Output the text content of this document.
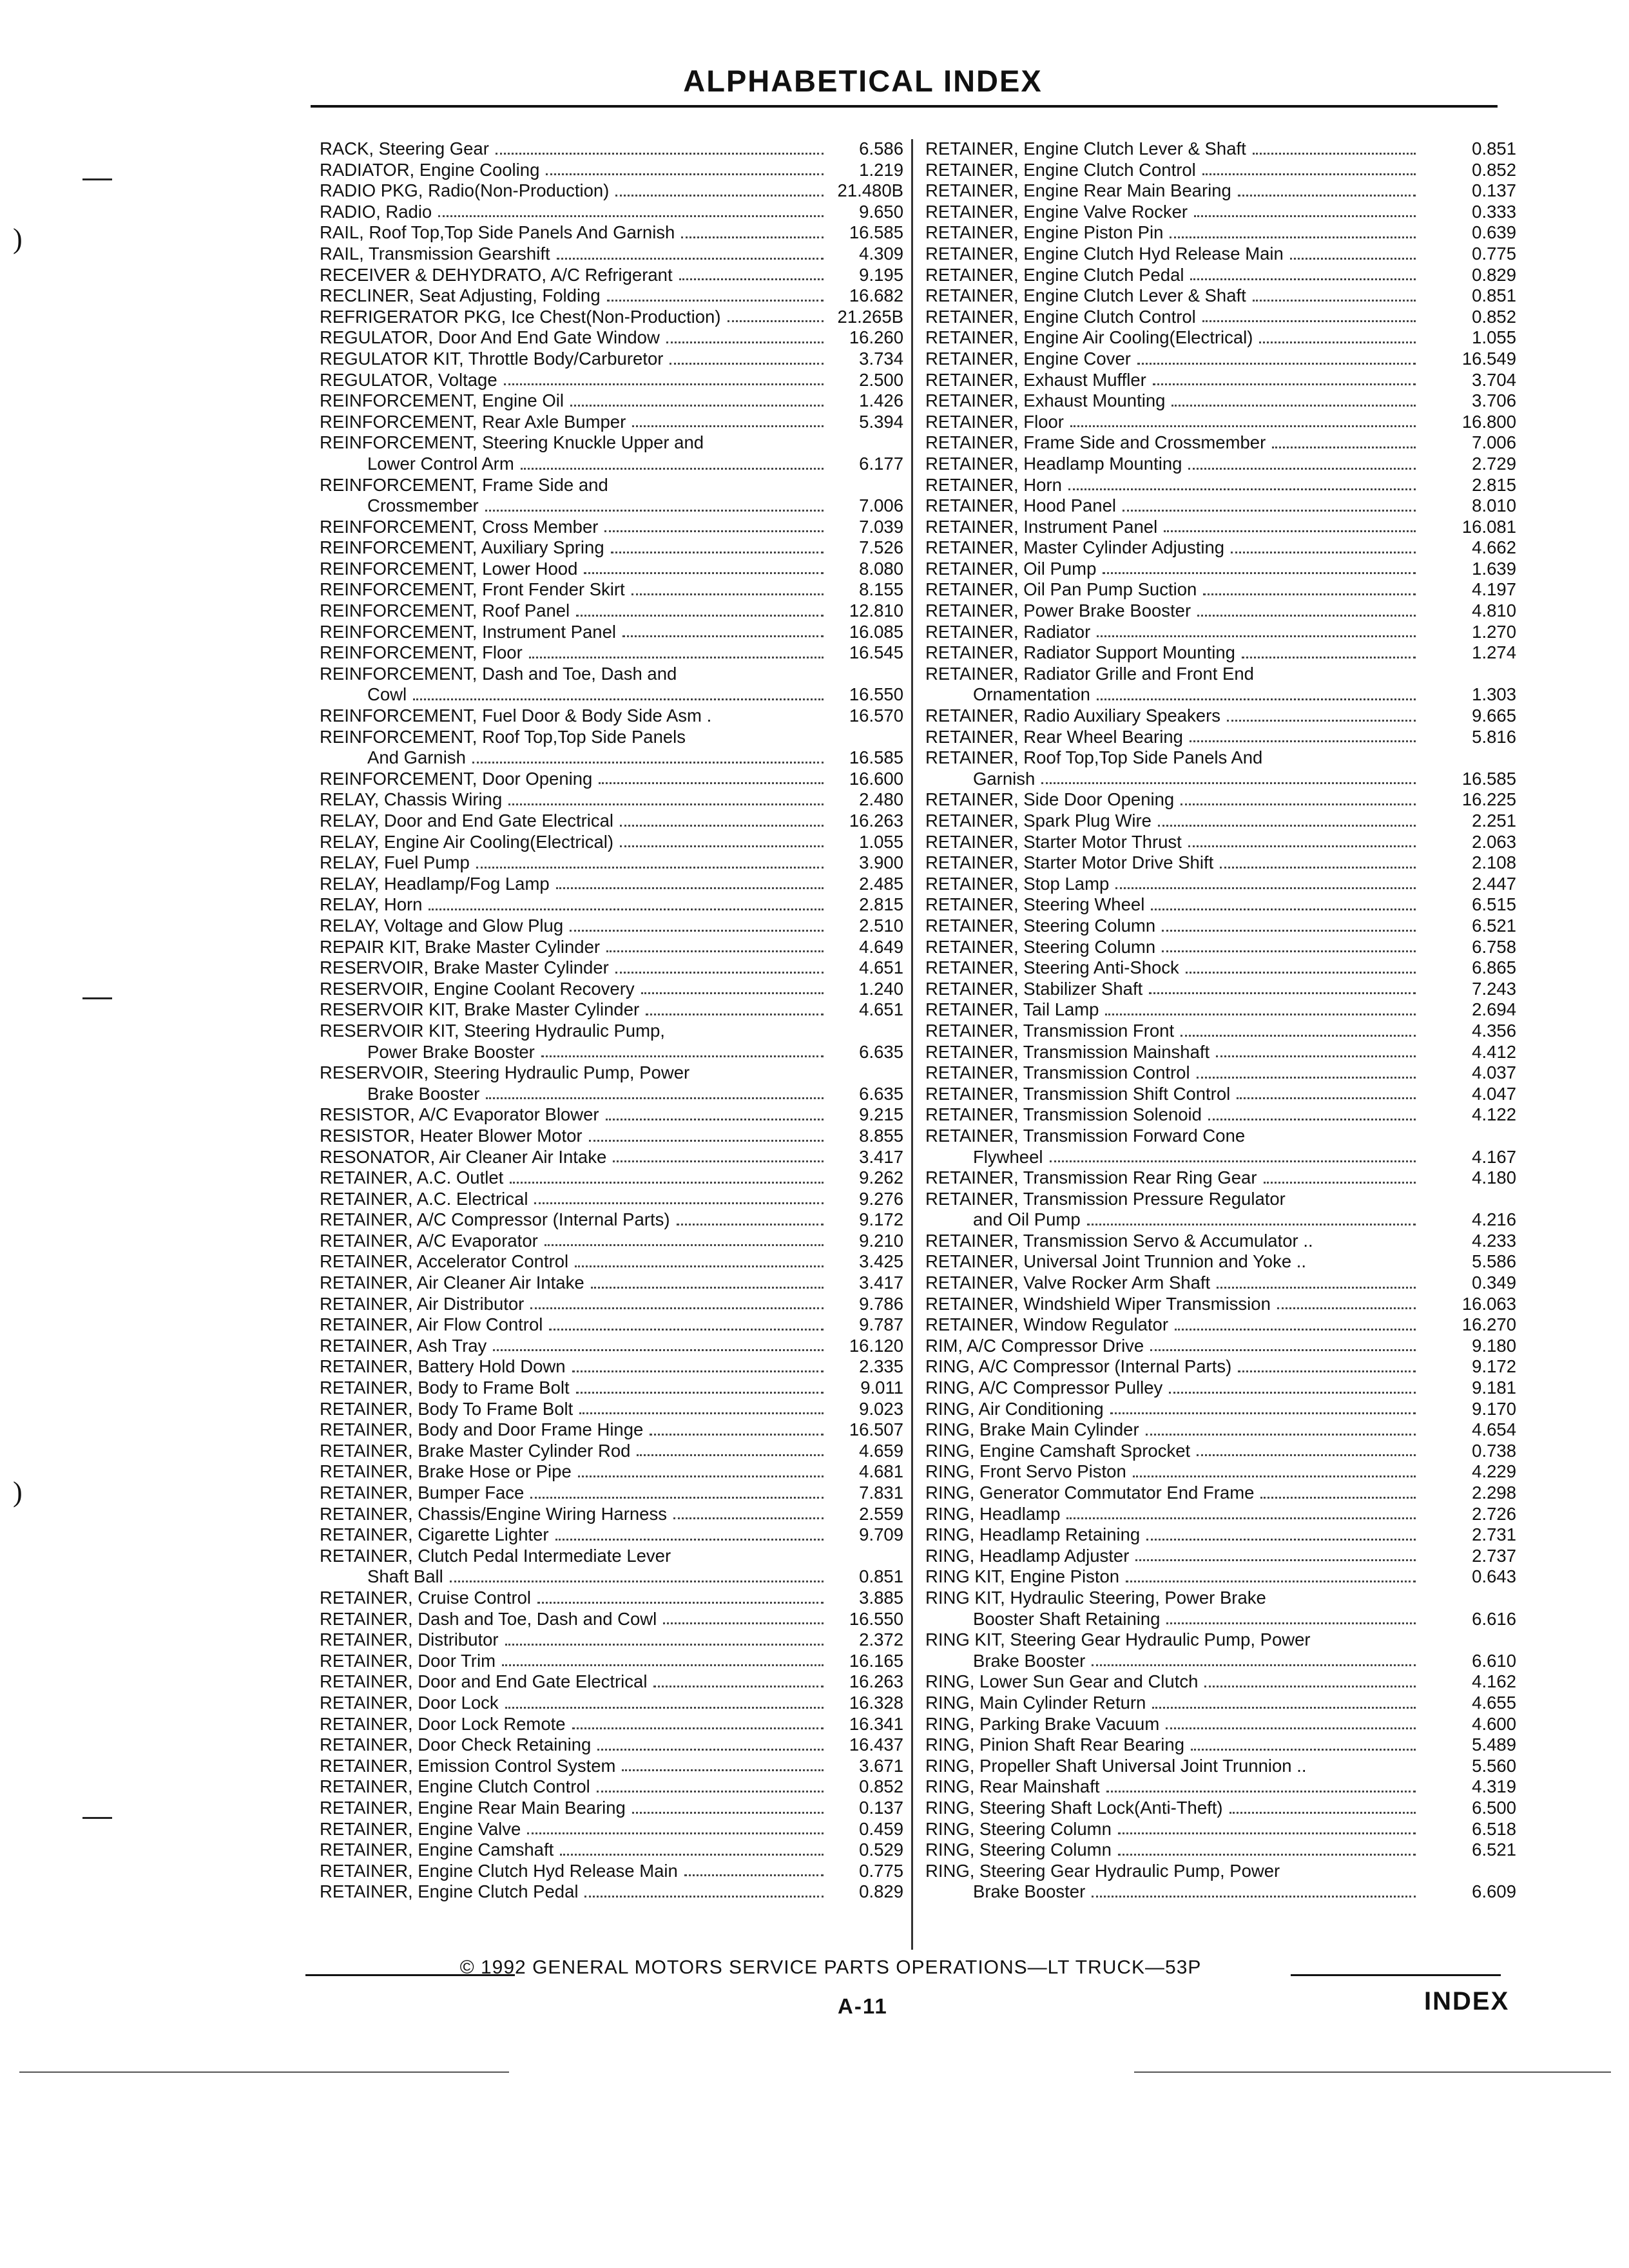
ALPHABETICAL INDEX
RACK, Steering Gear	6.586
RADIATOR, Engine Cooling	1.219
RADIO PKG, Radio(Non-Production)	21.480B
RADIO, Radio	9.650
RAIL, Roof Top,Top Side Panels And Garnish	16.585
RAIL, Transmission Gearshift	4.309
RECEIVER & DEHYDRATO, A/C Refrigerant	9.195
RECLINER, Seat Adjusting, Folding	16.682
REFRIGERATOR PKG, Ice Chest(Non-Production)	21.265B
REGULATOR, Door And End Gate Window	16.260
REGULATOR KIT, Throttle Body/Carburetor	3.734
REGULATOR, Voltage	2.500
REINFORCEMENT, Engine Oil	1.426
REINFORCEMENT, Rear Axle Bumper	5.394
REINFORCEMENT, Steering Knuckle Upper and
Lower Control Arm	6.177
REINFORCEMENT, Frame Side and
Crossmember	7.006
REINFORCEMENT, Cross Member	7.039
REINFORCEMENT, Auxiliary Spring	7.526
REINFORCEMENT, Lower Hood	8.080
REINFORCEMENT, Front Fender Skirt	8.155
REINFORCEMENT, Roof Panel	12.810
REINFORCEMENT, Instrument Panel	16.085
REINFORCEMENT, Floor	16.545
REINFORCEMENT, Dash and Toe, Dash and
Cowl	16.550
REINFORCEMENT, Fuel Door & Body Side Asm .	16.570
REINFORCEMENT, Roof Top,Top Side Panels
And Garnish	16.585
REINFORCEMENT, Door Opening	16.600
RELAY, Chassis Wiring	2.480
RELAY, Door and End Gate Electrical	16.263
RELAY, Engine Air Cooling(Electrical)	1.055
RELAY, Fuel Pump	3.900
RELAY, Headlamp/Fog Lamp	2.485
RELAY, Horn	2.815
RELAY, Voltage and Glow Plug	2.510
REPAIR KIT, Brake Master Cylinder	4.649
RESERVOIR, Brake Master Cylinder	4.651
RESERVOIR, Engine Coolant Recovery	1.240
RESERVOIR KIT, Brake Master Cylinder	4.651
RESERVOIR KIT, Steering Hydraulic Pump,
Power Brake Booster	6.635
RESERVOIR, Steering Hydraulic Pump, Power
Brake Booster	6.635
RESISTOR, A/C Evaporator Blower	9.215
RESISTOR, Heater Blower Motor	8.855
RESONATOR, Air Cleaner Air Intake	3.417
RETAINER, A.C. Outlet	9.262
RETAINER, A.C. Electrical	9.276
RETAINER, A/C Compressor (Internal Parts)	9.172
RETAINER, A/C Evaporator	9.210
RETAINER, Accelerator Control	3.425
RETAINER, Air Cleaner Air Intake	3.417
RETAINER, Air Distributor	9.786
RETAINER, Air Flow Control	9.787
RETAINER, Ash Tray	16.120
RETAINER, Battery Hold Down	2.335
RETAINER, Body to Frame Bolt	9.011
RETAINER, Body To Frame Bolt	9.023
RETAINER, Body and Door Frame Hinge	16.507
RETAINER, Brake Master Cylinder Rod	4.659
RETAINER, Brake Hose or Pipe	4.681
RETAINER, Bumper Face	7.831
RETAINER, Chassis/Engine Wiring Harness	2.559
RETAINER, Cigarette Lighter	9.709
RETAINER, Clutch Pedal Intermediate Lever
Shaft Ball	0.851
RETAINER, Cruise Control	3.885
RETAINER, Dash and Toe, Dash and Cowl	16.550
RETAINER, Distributor	2.372
RETAINER, Door Trim	16.165
RETAINER, Door and End Gate Electrical	16.263
RETAINER, Door Lock	16.328
RETAINER, Door Lock Remote	16.341
RETAINER, Door Check Retaining	16.437
RETAINER, Emission Control System	3.671
RETAINER, Engine Clutch Control	0.852
RETAINER, Engine Rear Main Bearing	0.137
RETAINER, Engine Valve	0.459
RETAINER, Engine Camshaft	0.529
RETAINER, Engine Clutch Hyd Release Main	0.775
RETAINER, Engine Clutch Pedal	0.829
RETAINER, Engine Clutch Lever & Shaft	0.851
RETAINER, Engine Clutch Control	0.852
RETAINER, Engine Rear Main Bearing	0.137
RETAINER, Engine Valve Rocker	0.333
RETAINER, Engine Piston Pin	0.639
RETAINER, Engine Clutch Hyd Release Main	0.775
RETAINER, Engine Clutch Pedal	0.829
RETAINER, Engine Clutch Lever & Shaft	0.851
RETAINER, Engine Clutch Control	0.852
RETAINER, Engine Air Cooling(Electrical)	1.055
RETAINER, Engine Cover	16.549
RETAINER, Exhaust Muffler	3.704
RETAINER, Exhaust Mounting	3.706
RETAINER, Floor	16.800
RETAINER, Frame Side and Crossmember	7.006
RETAINER, Headlamp Mounting	2.729
RETAINER, Horn	2.815
RETAINER, Hood Panel	8.010
RETAINER, Instrument Panel	16.081
RETAINER, Master Cylinder Adjusting	4.662
RETAINER, Oil Pump	1.639
RETAINER, Oil Pan Pump Suction	4.197
RETAINER, Power Brake Booster	4.810
RETAINER, Radiator	1.270
RETAINER, Radiator Support Mounting	1.274
RETAINER, Radiator Grille and Front End
Ornamentation	1.303
RETAINER, Radio Auxiliary Speakers	9.665
RETAINER, Rear Wheel Bearing	5.816
RETAINER, Roof Top,Top Side Panels And
Garnish	16.585
RETAINER, Side Door Opening	16.225
RETAINER, Spark Plug Wire	2.251
RETAINER, Starter Motor Thrust	2.063
RETAINER, Starter Motor Drive Shift	2.108
RETAINER, Stop Lamp	2.447
RETAINER, Steering Wheel	6.515
RETAINER, Steering Column	6.521
RETAINER, Steering Column	6.758
RETAINER, Steering Anti-Shock	6.865
RETAINER, Stabilizer Shaft	7.243
RETAINER, Tail Lamp	2.694
RETAINER, Transmission Front	4.356
RETAINER, Transmission Mainshaft	4.412
RETAINER, Transmission Control	4.037
RETAINER, Transmission Shift Control	4.047
RETAINER, Transmission Solenoid	4.122
RETAINER, Transmission Forward Cone
Flywheel	4.167
RETAINER, Transmission Rear Ring Gear	4.180
RETAINER, Transmission Pressure Regulator
and Oil Pump	4.216
RETAINER, Transmission Servo & Accumulator ..	4.233
RETAINER, Universal Joint Trunnion and Yoke ..	5.586
RETAINER, Valve Rocker Arm Shaft	0.349
RETAINER, Windshield Wiper Transmission	16.063
RETAINER, Window Regulator	16.270
RIM, A/C Compressor Drive	9.180
RING, A/C Compressor (Internal Parts)	9.172
RING, A/C Compressor Pulley	9.181
RING, Air Conditioning	9.170
RING, Brake Main Cylinder	4.654
RING, Engine Camshaft Sprocket	0.738
RING, Front Servo Piston	4.229
RING, Generator Commutator End Frame	2.298
RING, Headlamp	2.726
RING, Headlamp Retaining	2.731
RING, Headlamp Adjuster	2.737
RING KIT, Engine Piston	0.643
RING KIT, Hydraulic Steering, Power Brake
Booster Shaft Retaining	6.616
RING KIT, Steering Gear Hydraulic Pump, Power
Brake Booster	6.610
RING, Lower Sun Gear and Clutch	4.162
RING, Main Cylinder Return	4.655
RING, Parking Brake Vacuum	4.600
RING, Pinion Shaft Rear Bearing	5.489
RING, Propeller Shaft Universal Joint Trunnion ..	5.560
RING, Rear Mainshaft	4.319
RING, Steering Shaft Lock(Anti-Theft)	6.500
RING, Steering Column	6.518
RING, Steering Column	6.521
RING, Steering Gear Hydraulic Pump, Power
Brake Booster	6.609
)
)
© 1992 GENERAL MOTORS SERVICE PARTS OPERATIONS—LT TRUCK—53P
A-11	INDEX
